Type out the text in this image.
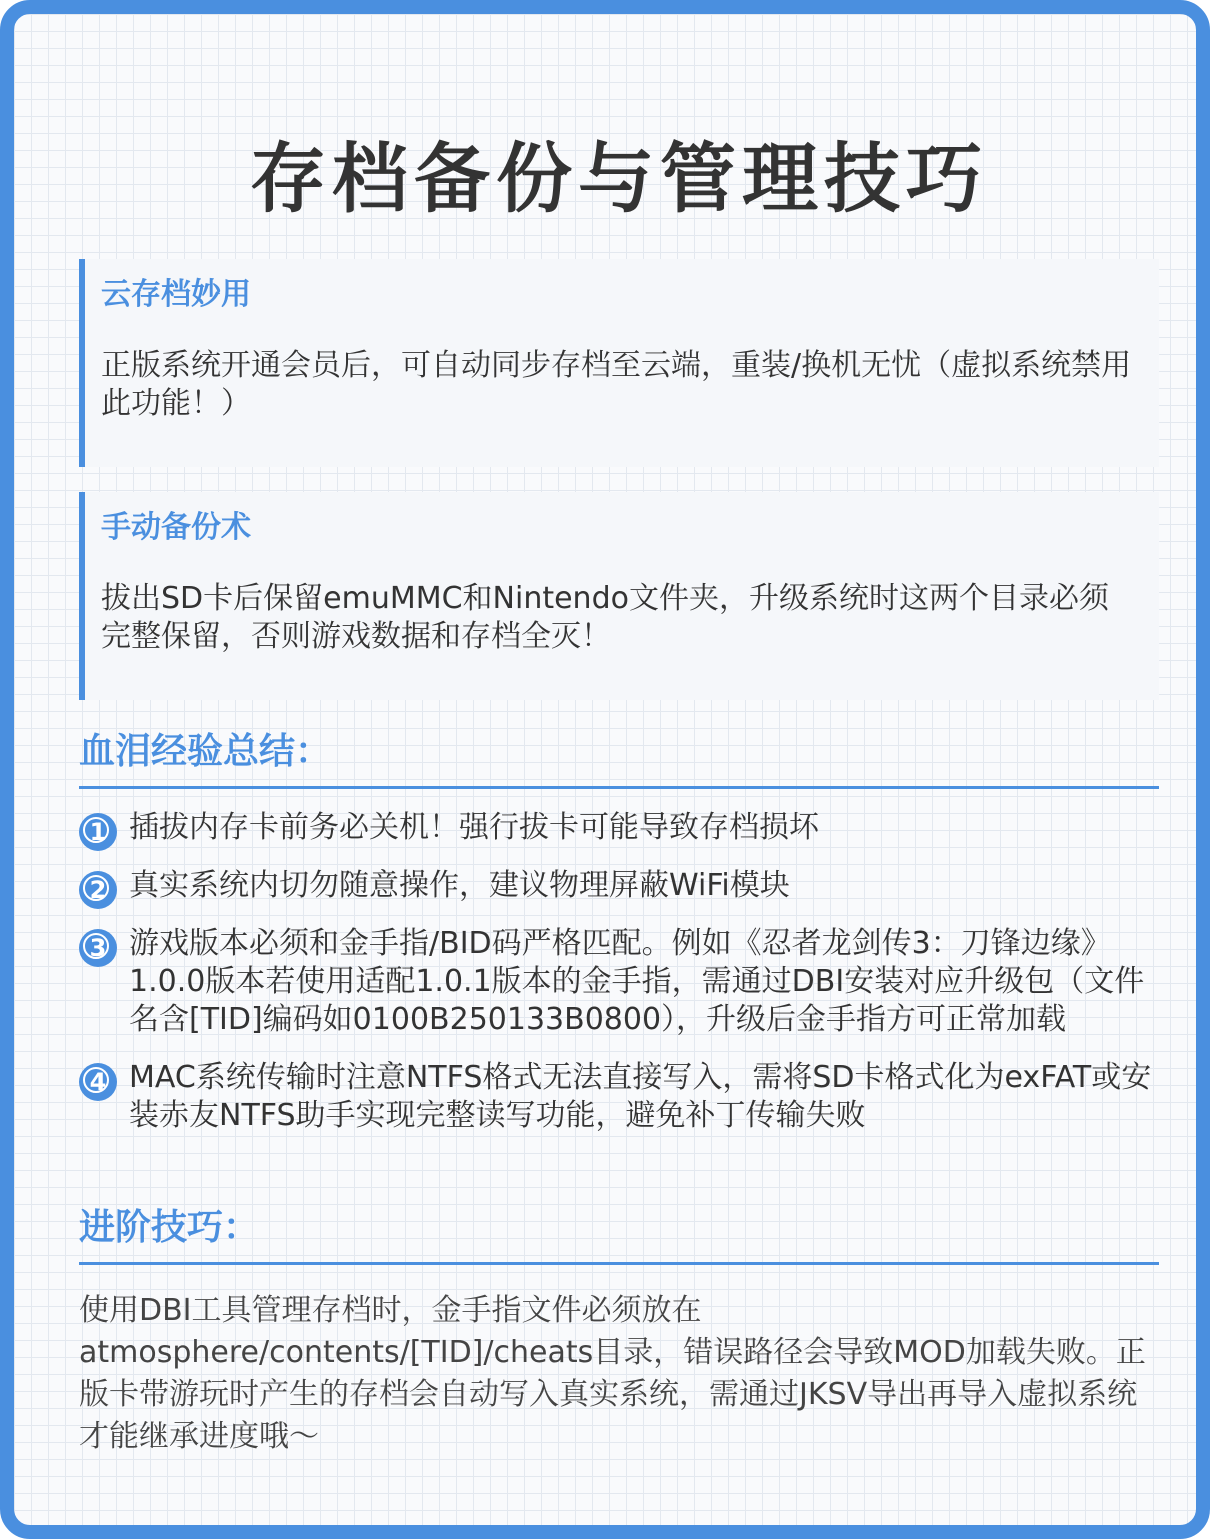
存档备份与管理技巧
云存档妙用
正版系统开通会员后，可自动同步存档至云端，重装/换机无忧（虚拟系统禁用此功能！）
手动备份术
拔出SD卡后保留emuMMC和Nintendo文件夹，升级系统时这两个目录必须完整保留，否则游戏数据和存档全灭！
血泪经验总结：
1 插拔内存卡前务必关机！强行拔卡可能导致存档损坏
2 真实系统内切勿随意操作，建议物理屏蔽WiFi模块
3 游戏版本必须和金手指/BID码严格匹配。例如《忍者龙剑传3：刀锋边缘》1.0.0版本若使用适配1.0.1版本的金手指，需通过DBI安装对应升级包（文件名含[TID]编码如0100B250133B0800），升级后金手指方可正常加载
4 MAC系统传输时注意NTFS格式无法直接写入，需将SD卡格式化为exFAT或安装赤友NTFS助手实现完整读写功能，避免补丁传输失败
进阶技巧：

使用DBI工具管理存档时，金手指文件必须放在atmosphere/contents/[TID]/cheats目录，错误路径会导致MOD加载失败。正版卡带游玩时产生的存档会自动写入真实系统，需通过JKSV导出再导入虚拟系统才能继承进度哦～
